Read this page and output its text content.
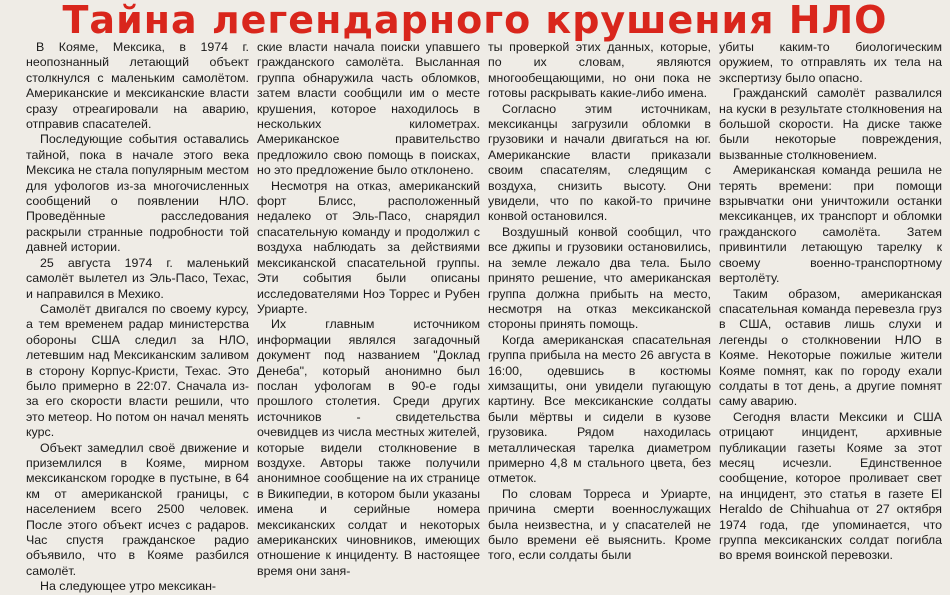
Тайна легендарного крушения НЛО

В Кояме, Мексика, в 1974 г. неопознанный летающий объект столкнулся с маленьким самолётом. Американские и мексиканские власти сразу отреагировали на аварию, отправив спасателей.

Последующие события оставались тайной, пока в начале этого века Мексика не стала популярным местом для уфологов из-за многочисленных сообщений о появлении НЛО. Проведённые расследования раскрыли странные подробности той давней истории.

25 августа 1974 г. маленький самолёт вылетел из Эль-Пасо, Техас, и направился в Мехико.

Самолёт двигался по своему курсу, а тем временем радар министерства обороны США следил за НЛО, летевшим над Мексиканским заливом в сторону Корпус-Кристи, Техас. Это было примерно в 22:07. Сначала из-за его скорости власти решили, что это метеор. Но потом он начал менять курс.

Объект замедлил своё движение и приземлился в Кояме, мирном мексиканском городке в пустыне, в 64 км от американской границы, с населением всего 2500 человек. После этого объект исчез с радаров. Час спустя гражданское радио объявило, что в Кояме разбился самолёт.

На следующее утро мексикан-

ские власти начала поиски упавшего гражданского самолёта. Высланная группа обнаружила часть обломков, затем власти сообщили им о месте крушения, которое находилось в нескольких километрах. Американское правительство предложило свою помощь в поисках, но это предложение было отклонено.

Несмотря на отказ, американский форт Блисс, расположенный недалеко от Эль-Пасо, снарядил спасательную команду и продолжил с воздуха наблюдать за действиями мексиканской спасательной группы. Эти события были описаны исследователями Ноэ Торрес и Рубен Уриарте.

Их главным источником информации являлся загадочный документ под названием "Доклад Денеба", который анонимно был послан уфологам в 90-е годы прошлого столетия. Среди других источников - свидетельства очевидцев из числа местных жителей, которые видели столкновение в воздухе. Авторы также получили анонимное сообщение на их странице в Википедии, в котором были указаны имена и серийные номера мексиканских солдат и некоторых американских чиновников, имеющих отношение к инциденту. В настоящее время они заня-

ты проверкой этих данных, которые, по их словам, являются многообещающими, но они пока не готовы раскрывать какие-либо имена.

Согласно этим источникам, мексиканцы загрузили обломки в грузовики и начали двигаться на юг. Американские власти приказали своим спасателям, следящим с воздуха, снизить высоту. Они увидели, что по какой-то причине конвой остановился.

Воздушный конвой сообщил, что все джипы и грузовики остановились, на земле лежало два тела. Было принято решение, что американская группа должна прибыть на место, несмотря на отказ мексиканской стороны принять помощь.

Когда американская спасательная группа прибыла на место 26 августа в 16:00, одевшись в костюмы химзащиты, они увидели пугающую картину. Все мексиканские солдаты были мёртвы и сидели в кузове грузовика. Рядом находилась металлическая тарелка диаметром примерно 4,8 м стального цвета, без отметок.

По словам Торреса и Уриарте, причина смерти военнослужащих была неизвестна, и у спасателей не было времени её выяснить. Кроме того, если солдаты были

убиты каким-то биологическим оружием, то отправлять их тела на экспертизу было опасно.

Гражданский самолёт развалился на куски в результате столкновения на большой скорости. На диске также были некоторые повреждения, вызванные столкновением.

Американская команда решила не терять времени: при помощи взрывчатки они уничтожили останки мексиканцев, их транспорт и обломки гражданского самолёта. Затем привинтили летающую тарелку к своему военно-транспортному вертолёту.

Таким образом, американская спасательная команда перевезла груз в США, оставив лишь слухи и легенды о столкновении НЛО в Кояме. Некоторые пожилые жители Кояме помнят, как по городу ехали солдаты в тот день, а другие помнят саму аварию.

Сегодня власти Мексики и США отрицают инцидент, архивные публикации газеты Кояме за этот месяц исчезли. Единственное сообщение, которое проливает свет на инцидент, это статья в газете El Heraldo de Chihuahua от 27 октября 1974 года, где упоминается, что группа мексиканских солдат погибла во время воинской перевозки.
